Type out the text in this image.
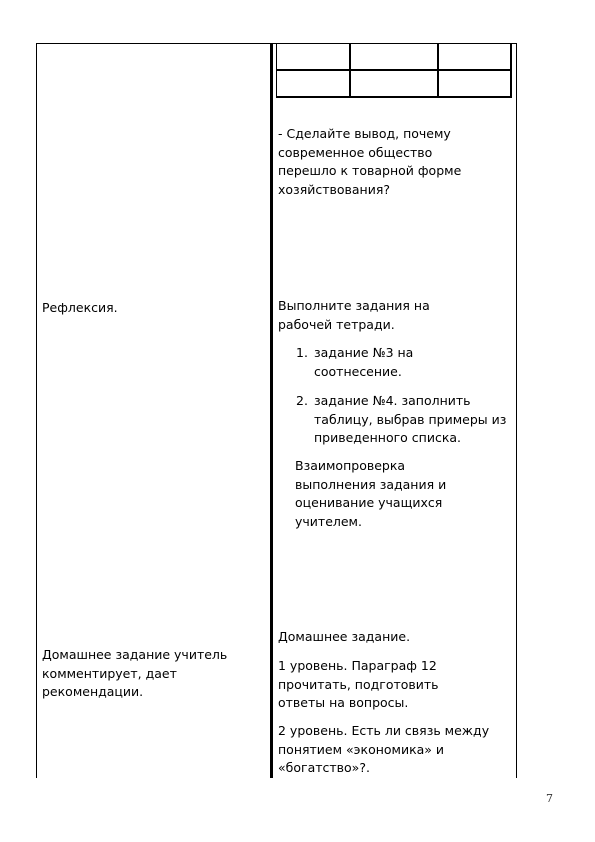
- Сделайте вывод, почему современное общество перешло к товарной форме хозяйствования?
Выполните задания на рабочей тетради.
1. задание №3 на соотнесение.
2. задание №4. заполнить таблицу, выбрав примеры из приведенного списка.
Взаимопроверка выполнения задания и оценивание учащихся учителем.
Домашнее задание.
1 уровень. Параграф 12 прочитать, подготовить ответы на вопросы.
2 уровень. Есть ли связь между понятием «экономика» и «богатство»?.
Рефлексия.
Домашнее задание учитель комментирует, дает рекомендации.
7
